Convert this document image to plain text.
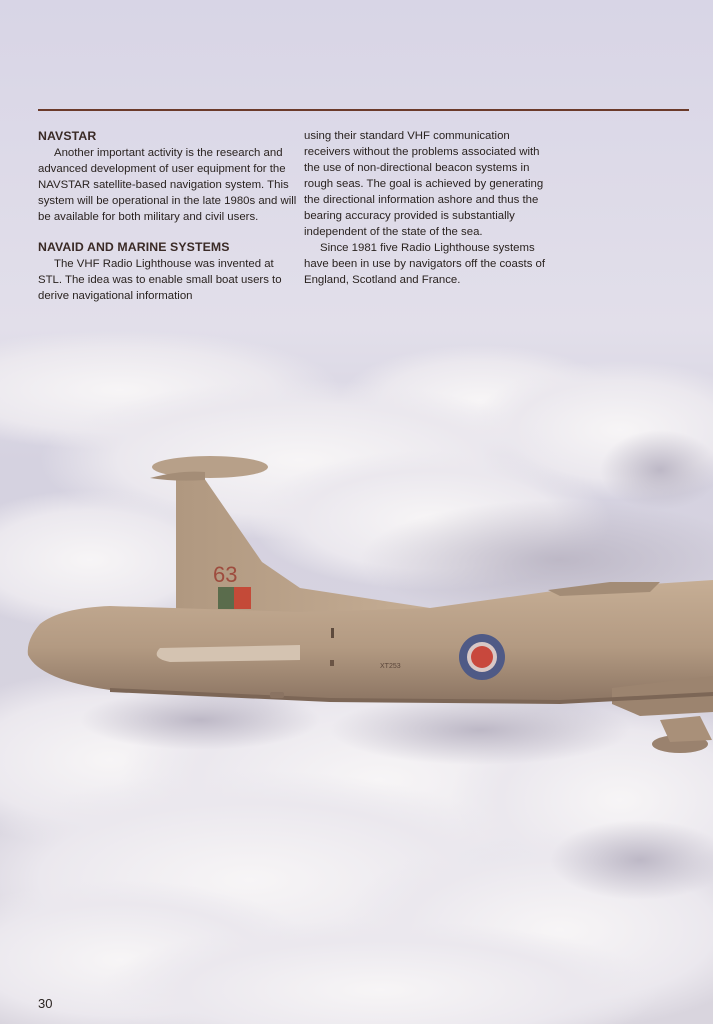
63
XT253
NAVSTAR

Another important activity is the research and advanced development of user equipment for the NAVSTAR satellite-based navigation system. This system will be operational in the late 1980s and will be available for both military and civil users.

NAVAID AND MARINE SYSTEMS

The VHF Radio Lighthouse was invented at STL. The idea was to enable small boat users to derive navigational information

using their standard VHF communication receivers without the problems associated with the use of non-directional beacon systems in rough seas. The goal is achieved by generating the directional information ashore and thus the bearing accuracy provided is substantially independent of the state of the sea.

Since 1981 five Radio Lighthouse systems have been in use by navigators off the coasts of England, Scotland and France.

30
